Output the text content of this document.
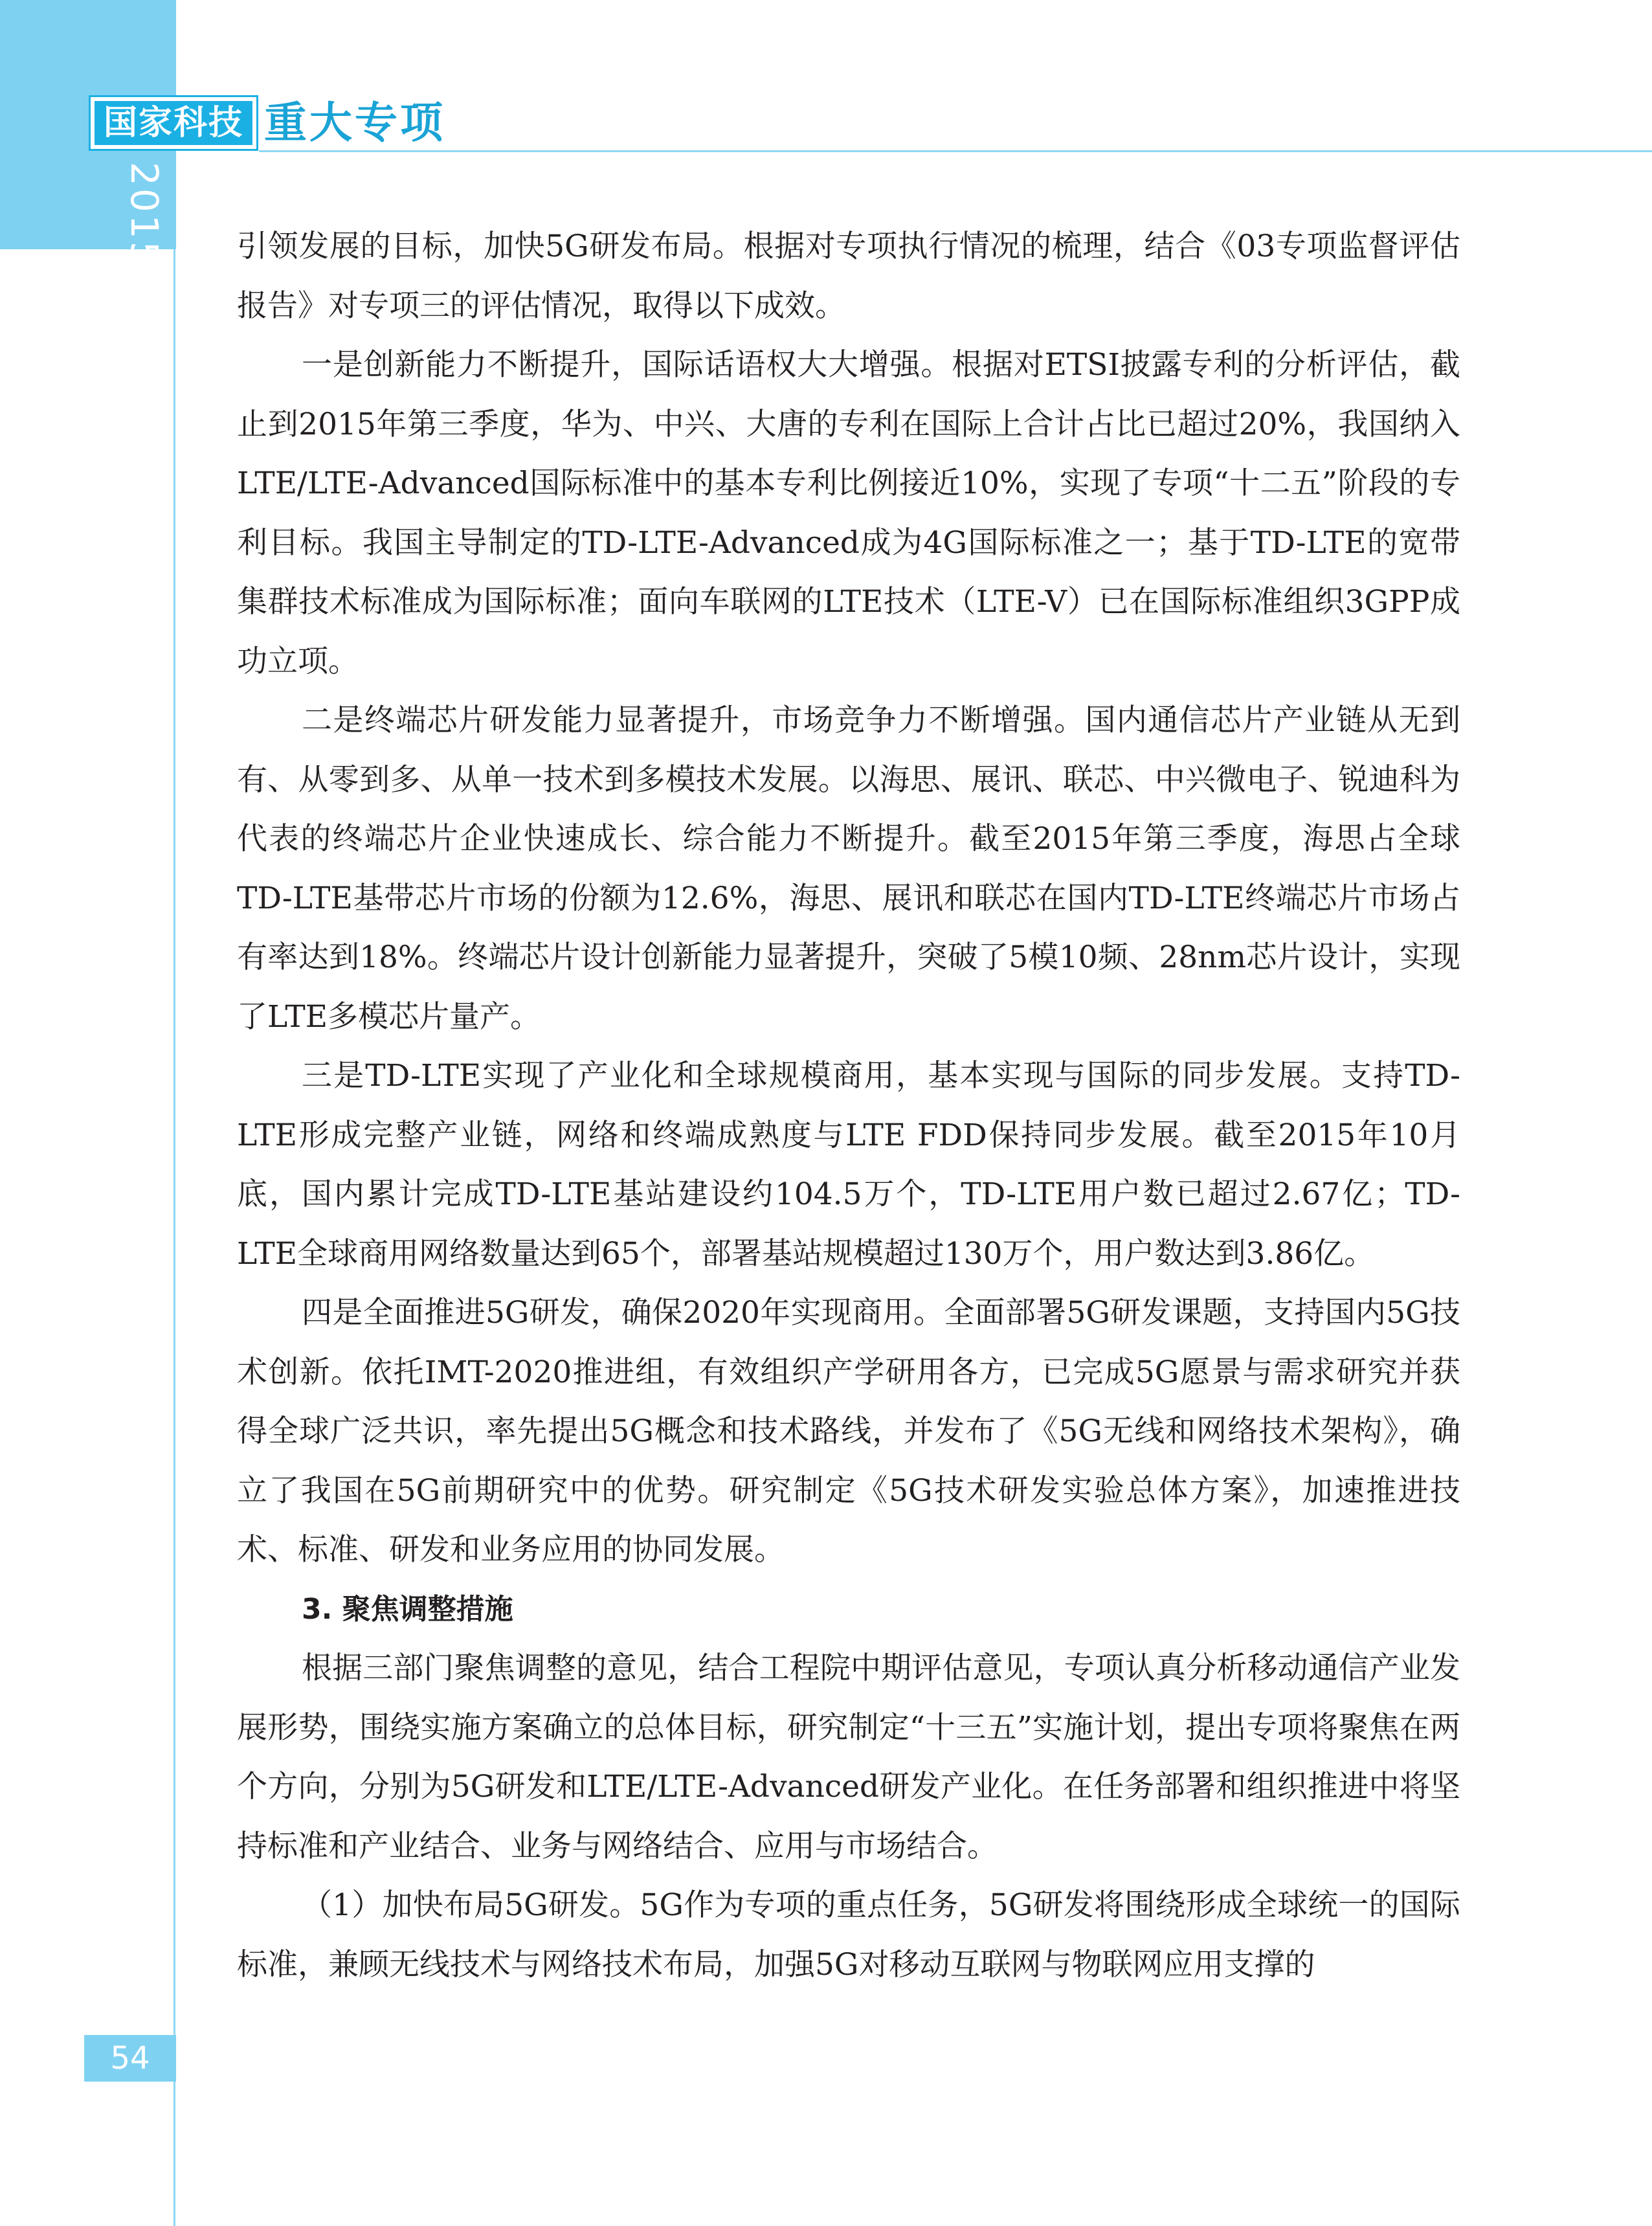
国家科技 重大专项
2015 年度报告 引领发展的目标，加快5G研发布局。根据对专项执行情况的梳理，结合《03专项监督评估报告》对专项三的评估情况，取得以下成效。

一是创新能力不断提升，国际话语权大大增强。根据对ETSI披露专利的分析评估，截止到2015年第三季度，华为、中兴、大唐的专利在国际上合计占比已超过20%，我国纳入LTE/LTE-Advanced国际标准中的基本专利比例接近10%，实现了专项“十二五”阶段的专利目标。我国主导制定的TD-LTE-Advanced成为4G国际标准之一；基于TD-LTE的宽带集群技术标准成为国际标准；面向车联网的LTE技术（LTE-V）已在国际标准组织3GPP成功立项。

二是终端芯片研发能力显著提升，市场竞争力不断增强。国内通信芯片产业链从无到有、从零到多、从单一技术到多模技术发展。以海思、展讯、联芯、中兴微电子、锐迪科为代表的终端芯片企业快速成长、综合能力不断提升。截至2015年第三季度，海思占全球TD-LTE基带芯片市场的份额为12.6%，海思、展讯和联芯在国内TD-LTE终端芯片市场占有率达到18%。终端芯片设计创新能力显著提升，突破了5模10频、28nm芯片设计，实现了LTE多模芯片量产。

三是TD-LTE实现了产业化和全球规模商用，基本实现与国际的同步发展。支持TD-LTE形成完整产业链，网络和终端成熟度与LTE FDD保持同步发展。截至2015年10月底，国内累计完成TD-LTE基站建设约104.5万个，TD-LTE用户数已超过2.67亿；TD-LTE全球商用网络数量达到65个，部署基站规模超过130万个，用户数达到3.86亿。

四是全面推进5G研发，确保2020年实现商用。全面部署5G研发课题，支持国内5G技术创新。依托IMT-2020推进组，有效组织产学研用各方，已完成5G愿景与需求研究并获得全球广泛共识，率先提出5G概念和技术路线，并发布了《5G无线和网络技术架构》，确立了我国在5G前期研究中的优势。研究制定《5G技术研发实验总体方案》，加速推进技术、标准、研发和业务应用的协同发展。

3. 聚焦调整措施

根据三部门聚焦调整的意见，结合工程院中期评估意见，专项认真分析移动通信产业发展形势，围绕实施方案确立的总体目标，研究制定“十三五”实施计划，提出专项将聚焦在两个方向，分别为5G研发和LTE/LTE-Advanced研发产业化。在任务部署和组织推进中将坚持标准和产业结合、业务与网络结合、应用与市场结合。

（1）加快布局5G研发。5G作为专项的重点任务，5G研发将围绕形成全球统一的国际标准，兼顾无线技术与网络技术布局，加强5G对移动互联网与物联网应用支撑的

54
